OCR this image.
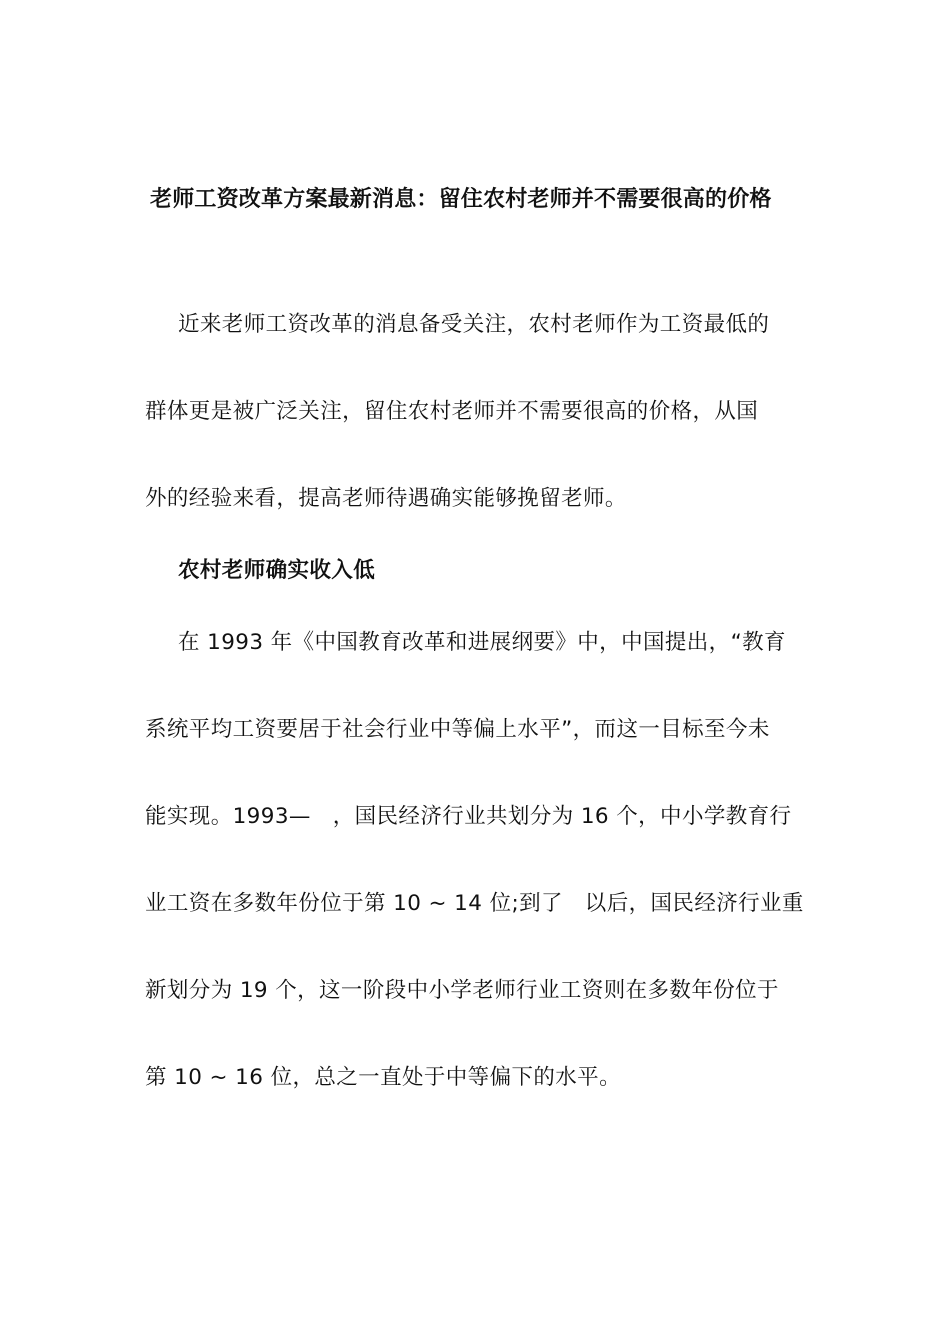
老师工资改革方案最新消息：留住农村老师并不需要很高的价格
近来老师工资改革的消息备受关注，农村老师作为工资最低的
群体更是被广泛关注，留住农村老师并不需要很高的价格，从国
外的经验来看，提高老师待遇确实能够挽留老师。
农村老师确实收入低
在 1993 年《中国教育改革和进展纲要》中，中国提出，“教育
系统平均工资要居于社会行业中等偏上水平”，而这一目标至今未
能实现。1993—　，国民经济行业共划分为 16 个，中小学教育行
业工资在多数年份位于第 10 ~ 14 位;到了　以后，国民经济行业重
新划分为 19 个，这一阶段中小学老师行业工资则在多数年份位于
第 10 ~ 16 位，总之一直处于中等偏下的水平。
